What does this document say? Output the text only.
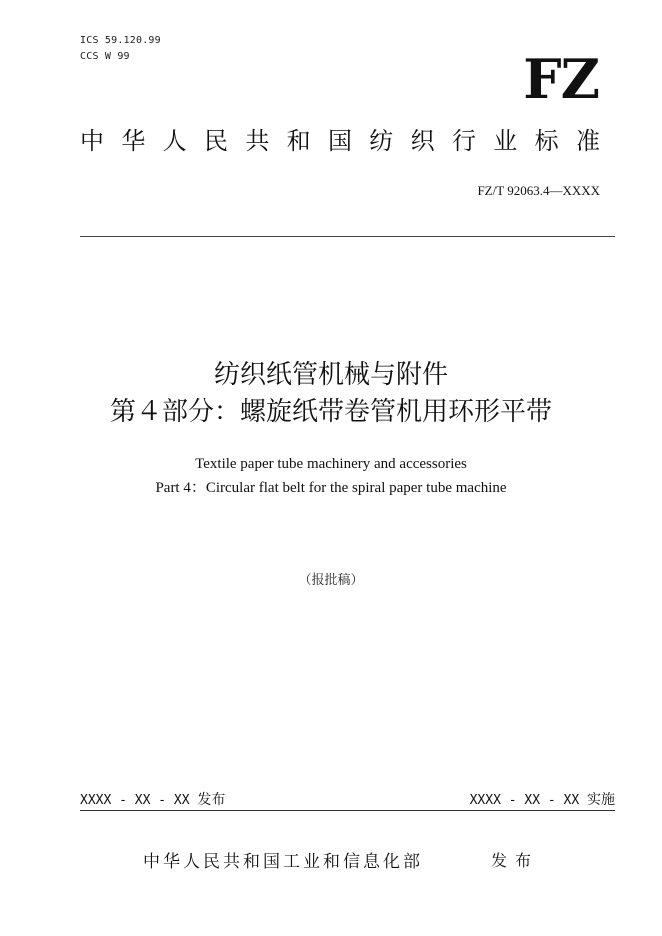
ICS 59.120.99
CCS W 99	FZ
中 华 人 民 共 和 国 纺 织 行 业 标 准
FZ/T 92063.4—XXXX
纺织纸管机械与附件
第４部分：螺旋纸带卷管机用环形平带
Textile paper tube machinery and accessories
Part 4：Circular flat belt for the spiral paper tube machine
（报批稿）
XXXX - XX - XX 发布	XXXX - XX - XX 实施
中华人民共和国工业和信息化部	发布
